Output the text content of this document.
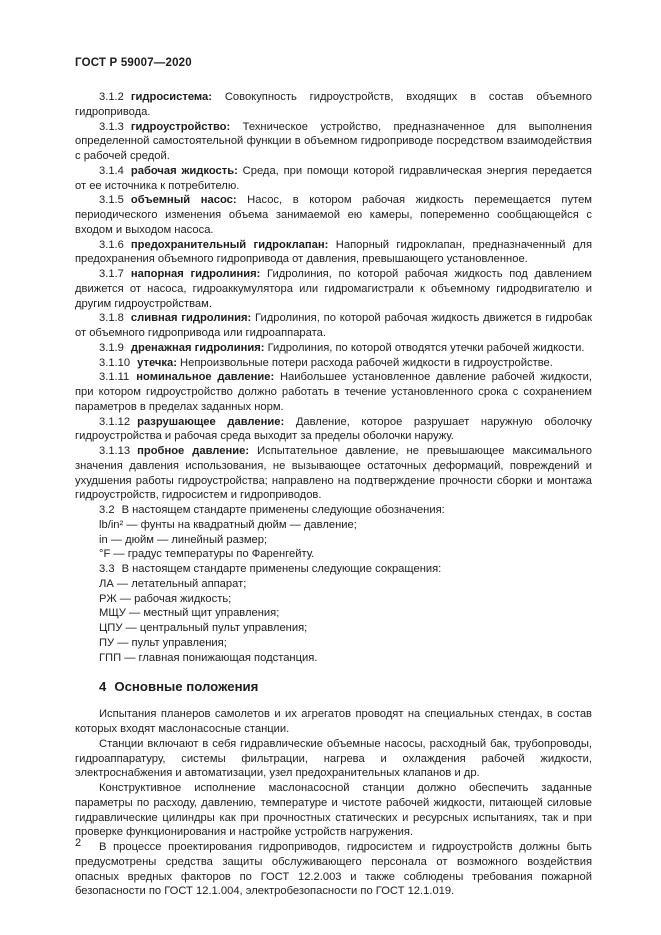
ГОСТ Р 59007—2020

3.1.2 гидросистема: Совокупность гидроустройств, входящих в состав объемного гидропривода.

3.1.3 гидроустройство: Техническое устройство, предназначенное для выполнения определенной самостоятельной функции в объемном гидроприводе посредством взаимодействия с рабочей средой.

3.1.4 рабочая жидкость: Среда, при помощи которой гидравлическая энергия передается от ее источника к потребителю.

3.1.5 объемный насос: Насос, в котором рабочая жидкость перемещается путем периодического изменения объема занимаемой ею камеры, попеременно сообщающейся с входом и выходом насоса.

3.1.6 предохранительный гидроклапан: Напорный гидроклапан, предназначенный для предохранения объемного гидропривода от давления, превышающего установленное.

3.1.7 напорная гидролиния: Гидролиния, по которой рабочая жидкость под давлением движется от насоса, гидроаккумулятора или гидромагистрали к объемному гидродвигателю и другим гидроустройствам.

3.1.8 сливная гидролиния: Гидролиния, по которой рабочая жидкость движется в гидробак от объемного гидропривода или гидроаппарата.

3.1.9 дренажная гидролиния: Гидролиния, по которой отводятся утечки рабочей жидкости.

3.1.10 утечка: Непроизвольные потери расхода рабочей жидкости в гидроустройстве.

3.1.11 номинальное давление: Наибольшее установленное давление рабочей жидкости, при котором гидроустройство должно работать в течение установленного срока с сохранением параметров в пределах заданных норм.

3.1.12 разрушающее давление: Давление, которое разрушает наружную оболочку гидроустройства и рабочая среда выходит за пределы оболочки наружу.

3.1.13 пробное давление: Испытательное давление, не превышающее максимального значения давления использования, не вызывающее остаточных деформаций, повреждений и ухудшения работы гидроустройства; направлено на подтверждение прочности сборки и монтажа гидроустройств, гидросистем и гидроприводов.

3.2 В настоящем стандарте применены следующие обозначения:

lb/in² — фунты на квадратный дюйм — давление;

in — дюйм — линейный размер;

°F — градус температуры по Фаренгейту.

3.3 В настоящем стандарте применены следующие сокращения:

ЛА — летательный аппарат;

РЖ — рабочая жидкость;

МЩУ — местный щит управления;

ЦПУ — центральный пульт управления;

ПУ — пульт управления;

ГПП — главная понижающая подстанция.

4 Основные положения

Испытания планеров самолетов и их агрегатов проводят на специальных стендах, в состав которых входят маслонасосные станции.

Станции включают в себя гидравлические объемные насосы, расходный бак, трубопроводы, гидроаппаратуру, системы фильтрации, нагрева и охлаждения рабочей жидкости, электроснабжения и автоматизации, узел предохранительных клапанов и др.

Конструктивное исполнение маслонасосной станции должно обеспечить заданные параметры по расходу, давлению, температуре и чистоте рабочей жидкости, питающей силовые гидравлические цилиндры как при прочностных статических и ресурсных испытаниях, так и при проверке функционирования и настройке устройств нагружения.

В процессе проектирования гидроприводов, гидросистем и гидроустройств должны быть предусмотрены средства защиты обслуживающего персонала от возможного воздействия опасных вредных факторов по ГОСТ 12.2.003 и также соблюдены требования пожарной безопасности по ГОСТ 12.1.004, электробезопасности по ГОСТ 12.1.019.

2
